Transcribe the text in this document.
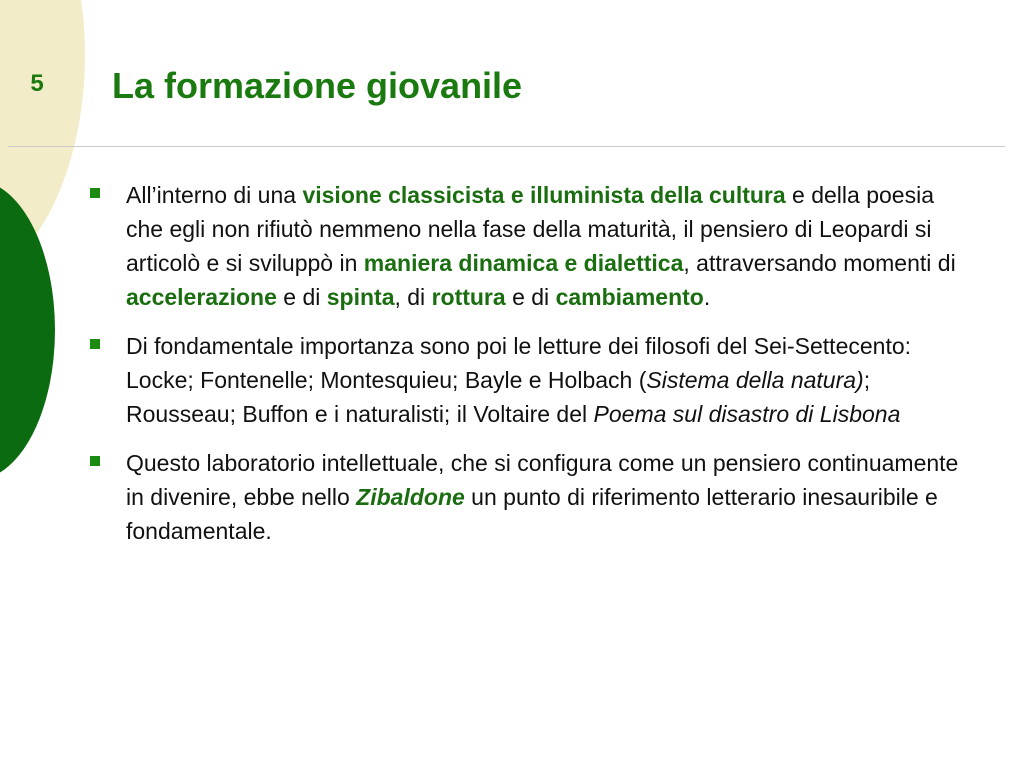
5 La formazione giovanile
All’interno di una visione classicista e illuminista della cultura e della poesia che egli non rifiutò nemmeno nella fase della maturità, il pensiero di Leopardi si articolò e si sviluppò in maniera dinamica e dialettica, attraversando momenti di accelerazione e di spinta, di rottura e di cambiamento.
Di fondamentale importanza sono poi le letture dei filosofi del Sei-Settecento: Locke; Fontenelle; Montesquieu; Bayle e Holbach (Sistema della natura); Rousseau; Buffon e i naturalisti; il Voltaire del Poema sul disastro di Lisbona
Questo laboratorio intellettuale, che si configura come un pensiero continuamente in divenire, ebbe nello Zibaldone un punto di riferimento letterario inesauribile e fondamentale.
